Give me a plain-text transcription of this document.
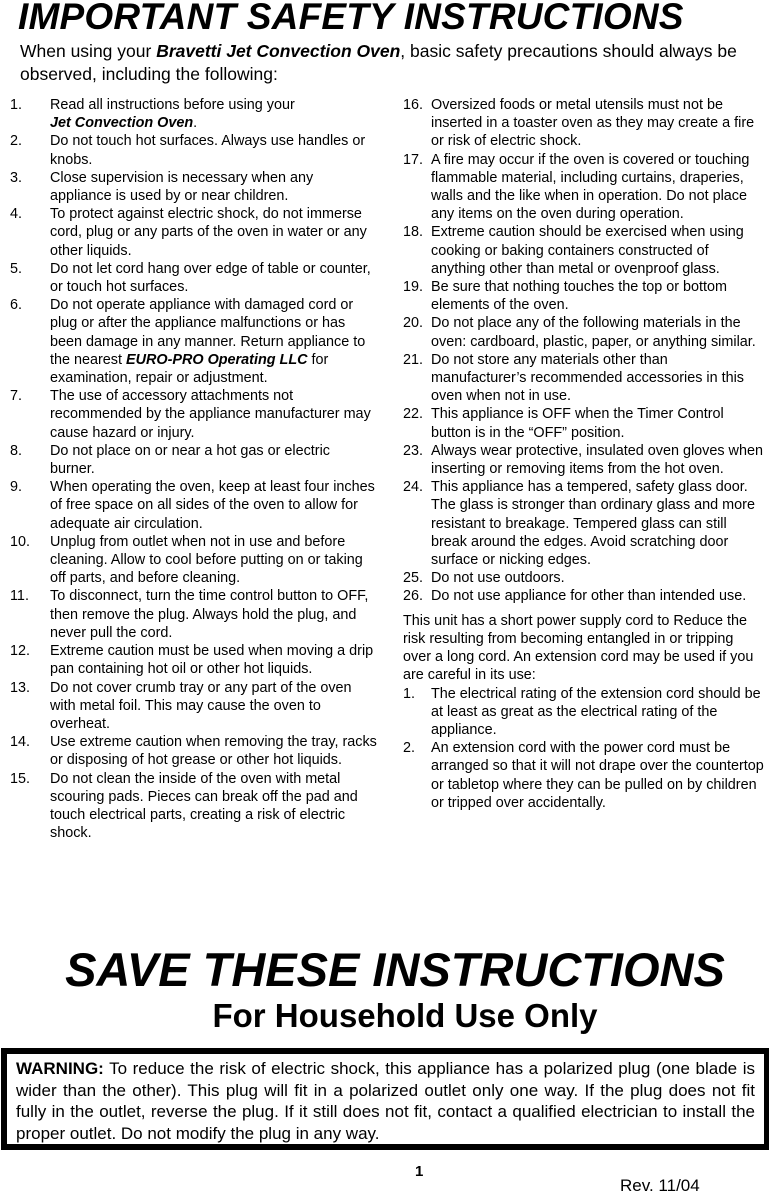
IMPORTANT SAFETY INSTRUCTIONS
When using your Bravetti Jet Convection Oven, basic safety precautions should always be observed, including the following:
1. Read all instructions before using your
Jet Convection Oven.
2. Do not touch hot surfaces. Always use handles or knobs.
3. Close supervision is necessary when any appliance is used by or near children.
4. To protect against electric shock, do not immerse cord, plug or any parts of the oven in water or any other liquids.
5. Do not let cord hang over edge of table or counter, or touch hot surfaces.
6. Do not operate appliance with damaged cord or plug or after the appliance malfunctions or has been damage in any manner. Return appliance to the nearest EURO-PRO Operating LLC for examination, repair or adjustment.
7. The use of accessory attachments not recommended by the appliance manufacturer may cause hazard or injury.
8. Do not place on or near a hot gas or electric burner.
9. When operating the oven, keep at least four inches of free space on all sides of the oven to allow for adequate air circulation.
10. Unplug from outlet when not in use and before cleaning. Allow to cool before putting on or taking off parts, and before cleaning.
11. To disconnect, turn the time control button to OFF, then remove the plug. Always hold the plug, and never pull the cord.
12. Extreme caution must be used when moving a drip pan containing hot oil or other hot liquids.
13. Do not cover crumb tray or any part of the oven with metal foil. This may cause the oven to overheat.
14. Use extreme caution when removing the tray, racks or disposing of hot grease or other hot liquids.
15. Do not clean the inside of the oven with metal scouring pads. Pieces can break off the pad and touch electrical parts, creating a risk of electric shock.
16. Oversized foods or metal utensils must not be inserted in a toaster oven as they may create a fire or risk of electric shock.
17. A fire may occur if the oven is covered or touching flammable material, including curtains, draperies, walls and the like when in operation. Do not place any items on the oven during operation.
18. Extreme caution should be exercised when using cooking or baking containers constructed of anything other than metal or ovenproof glass.
19. Be sure that nothing touches the top or bottom elements of the oven.
20. Do not place any of the following materials in the oven: cardboard, plastic, paper, or anything similar.
21. Do not store any materials other than manufacturer’s recommended accessories in this oven when not in use.
22. This appliance is OFF when the Timer Control button is in the “OFF” position.
23. Always wear protective, insulated oven gloves when inserting or removing items from the hot oven.
24. This appliance has a tempered, safety glass door. The glass is stronger than ordinary glass and more resistant to breakage. Tempered glass can still break around the edges. Avoid scratching door surface or nicking edges.
25. Do not use outdoors.
26. Do not use appliance for other than intended use.
This unit has a short power supply cord to Reduce the risk resulting from becoming entangled in or tripping over a long cord. An extension cord may be used if you are careful in its use:
1. The electrical rating of the extension cord should be at least as great as the electrical rating of the appliance.
2. An extension cord with the power cord must be arranged so that it will not drape over the countertop or tabletop where they can be pulled on by children or tripped over accidentally.
SAVE THESE INSTRUCTIONS
For Household Use Only
WARNING: To reduce the risk of electric shock, this appliance has a polarized plug (one blade is wider than the other). This plug will fit in a polarized outlet only one way. If the plug does not fit fully in the outlet, reverse the plug. If it still does not fit, contact a qualified electrician to install the proper outlet. Do not modify the plug in any way.
1
Rev. 11/04
